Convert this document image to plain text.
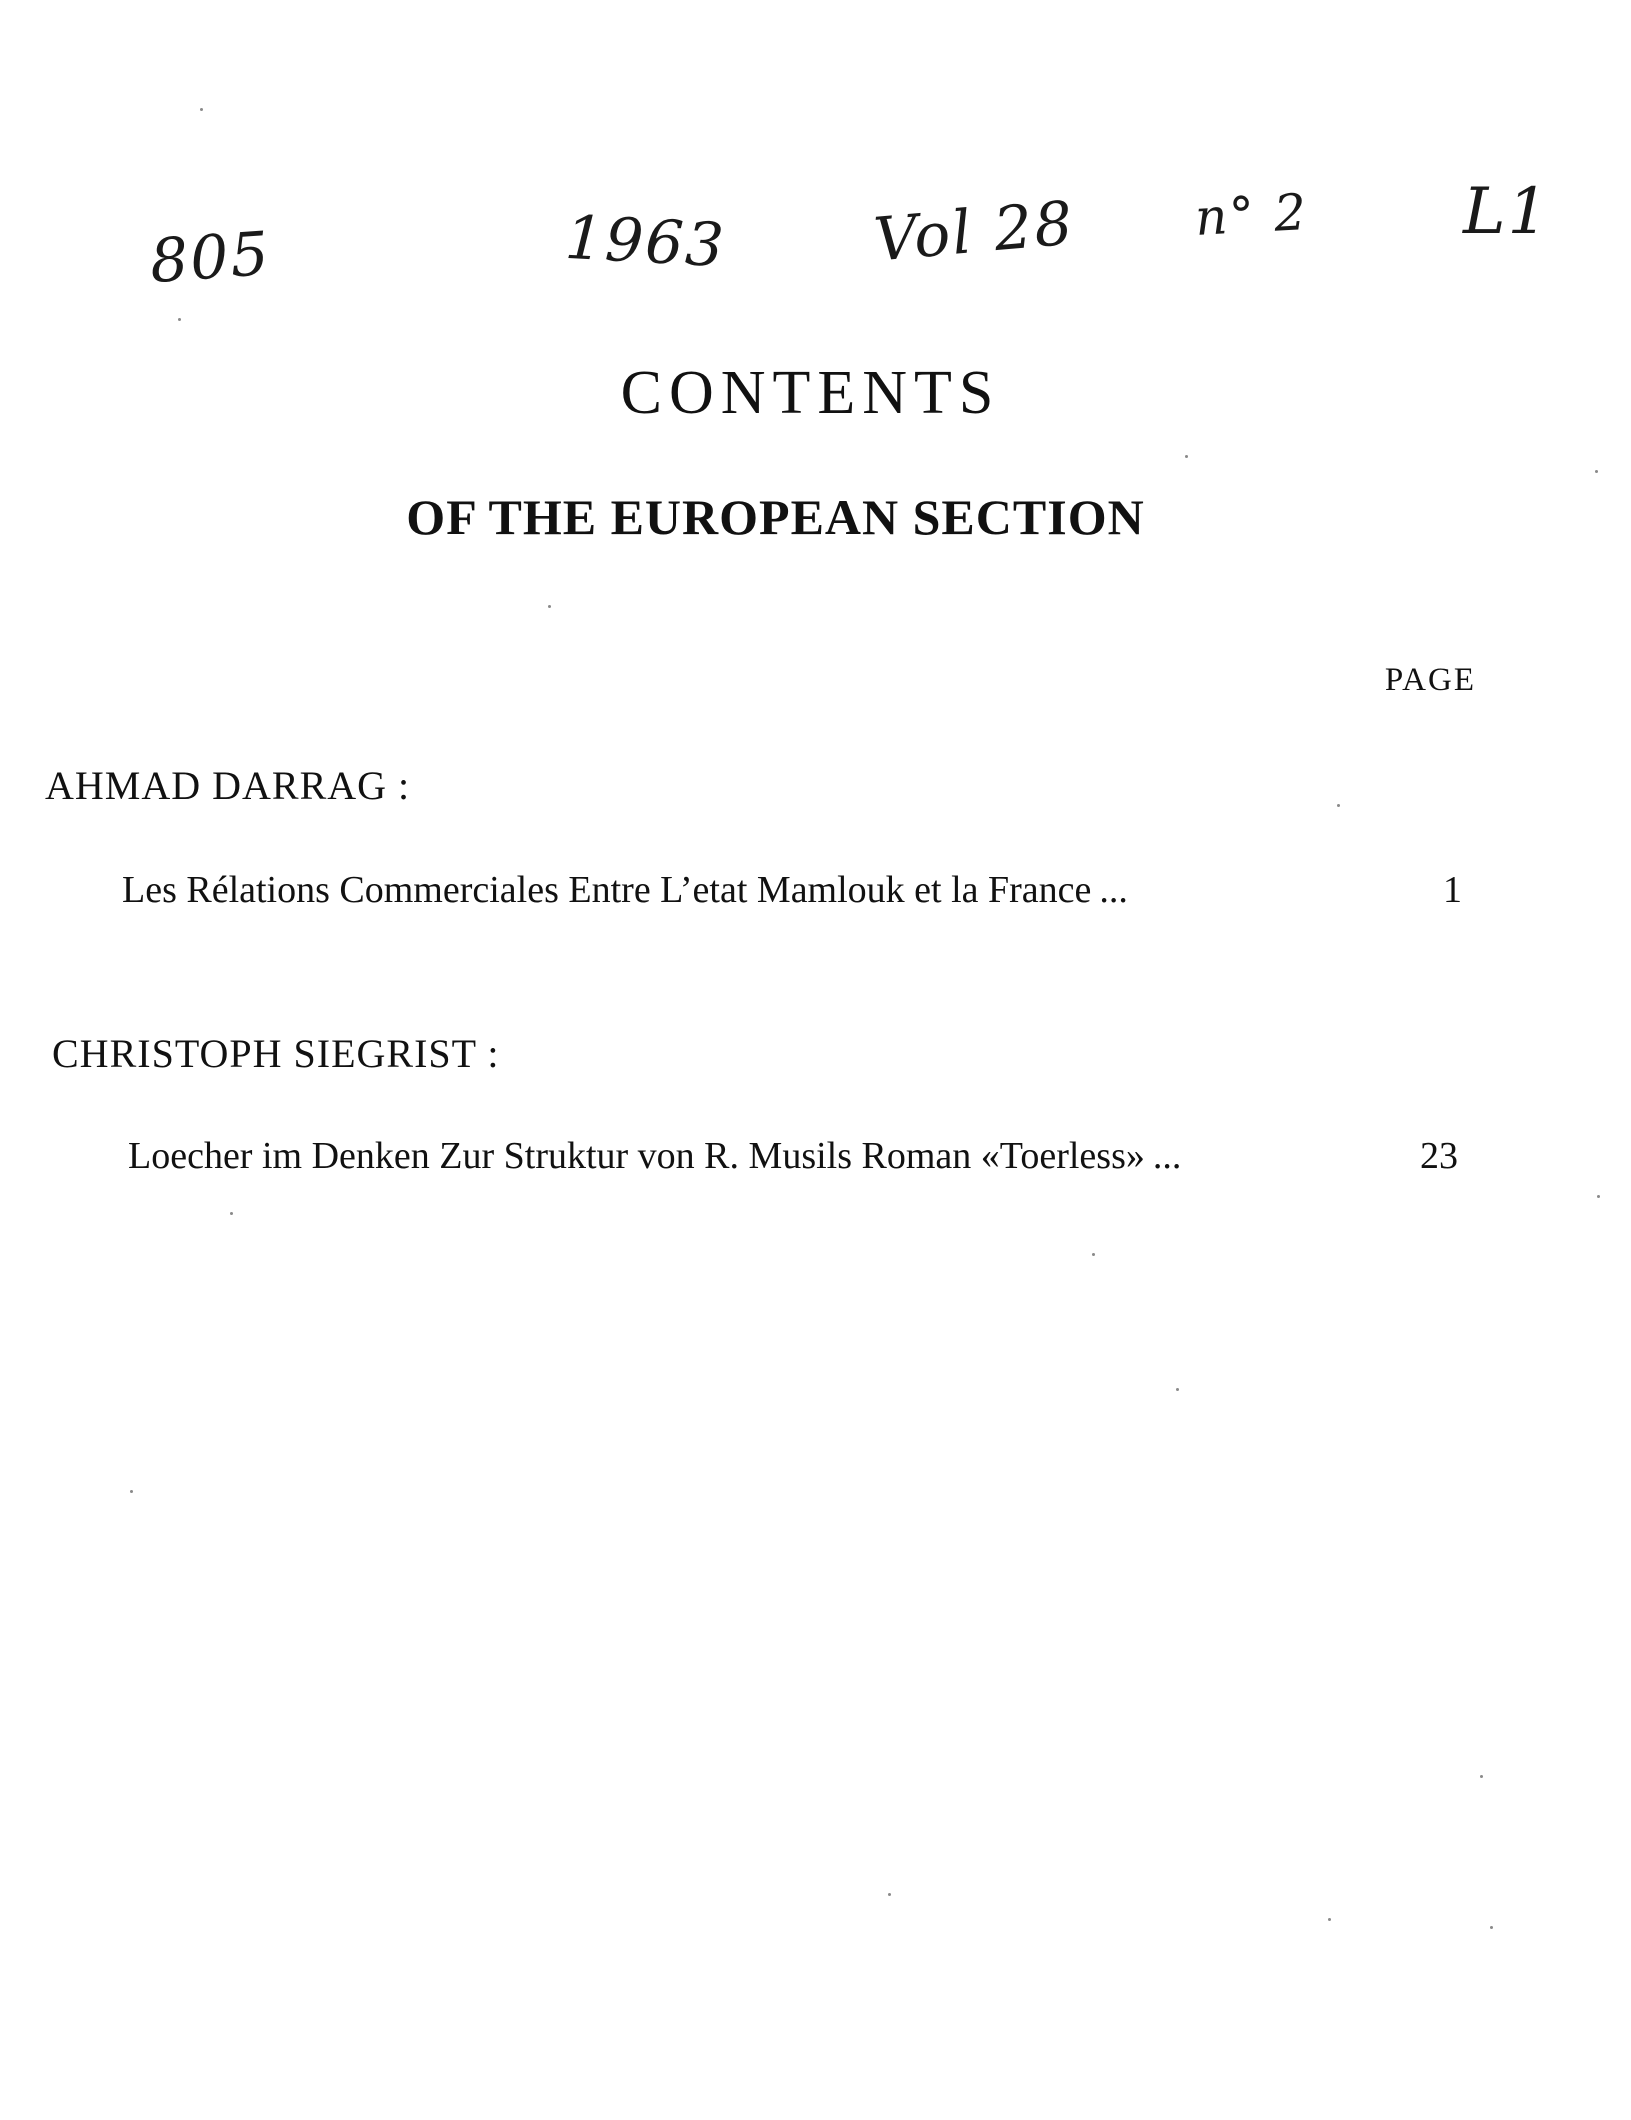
805	1963 Vol 28 n° 2 L1
CONTENTS
OF THE EUROPEAN SECTION
PAGE
AHMAD DARRAG :
Les Rélations Commerciales Entre L’etat Mamlouk et la France ...	1
CHRISTOPH SIEGRIST :
Loecher im Denken Zur Struktur von R. Musils Roman «Toerless» ...	23
